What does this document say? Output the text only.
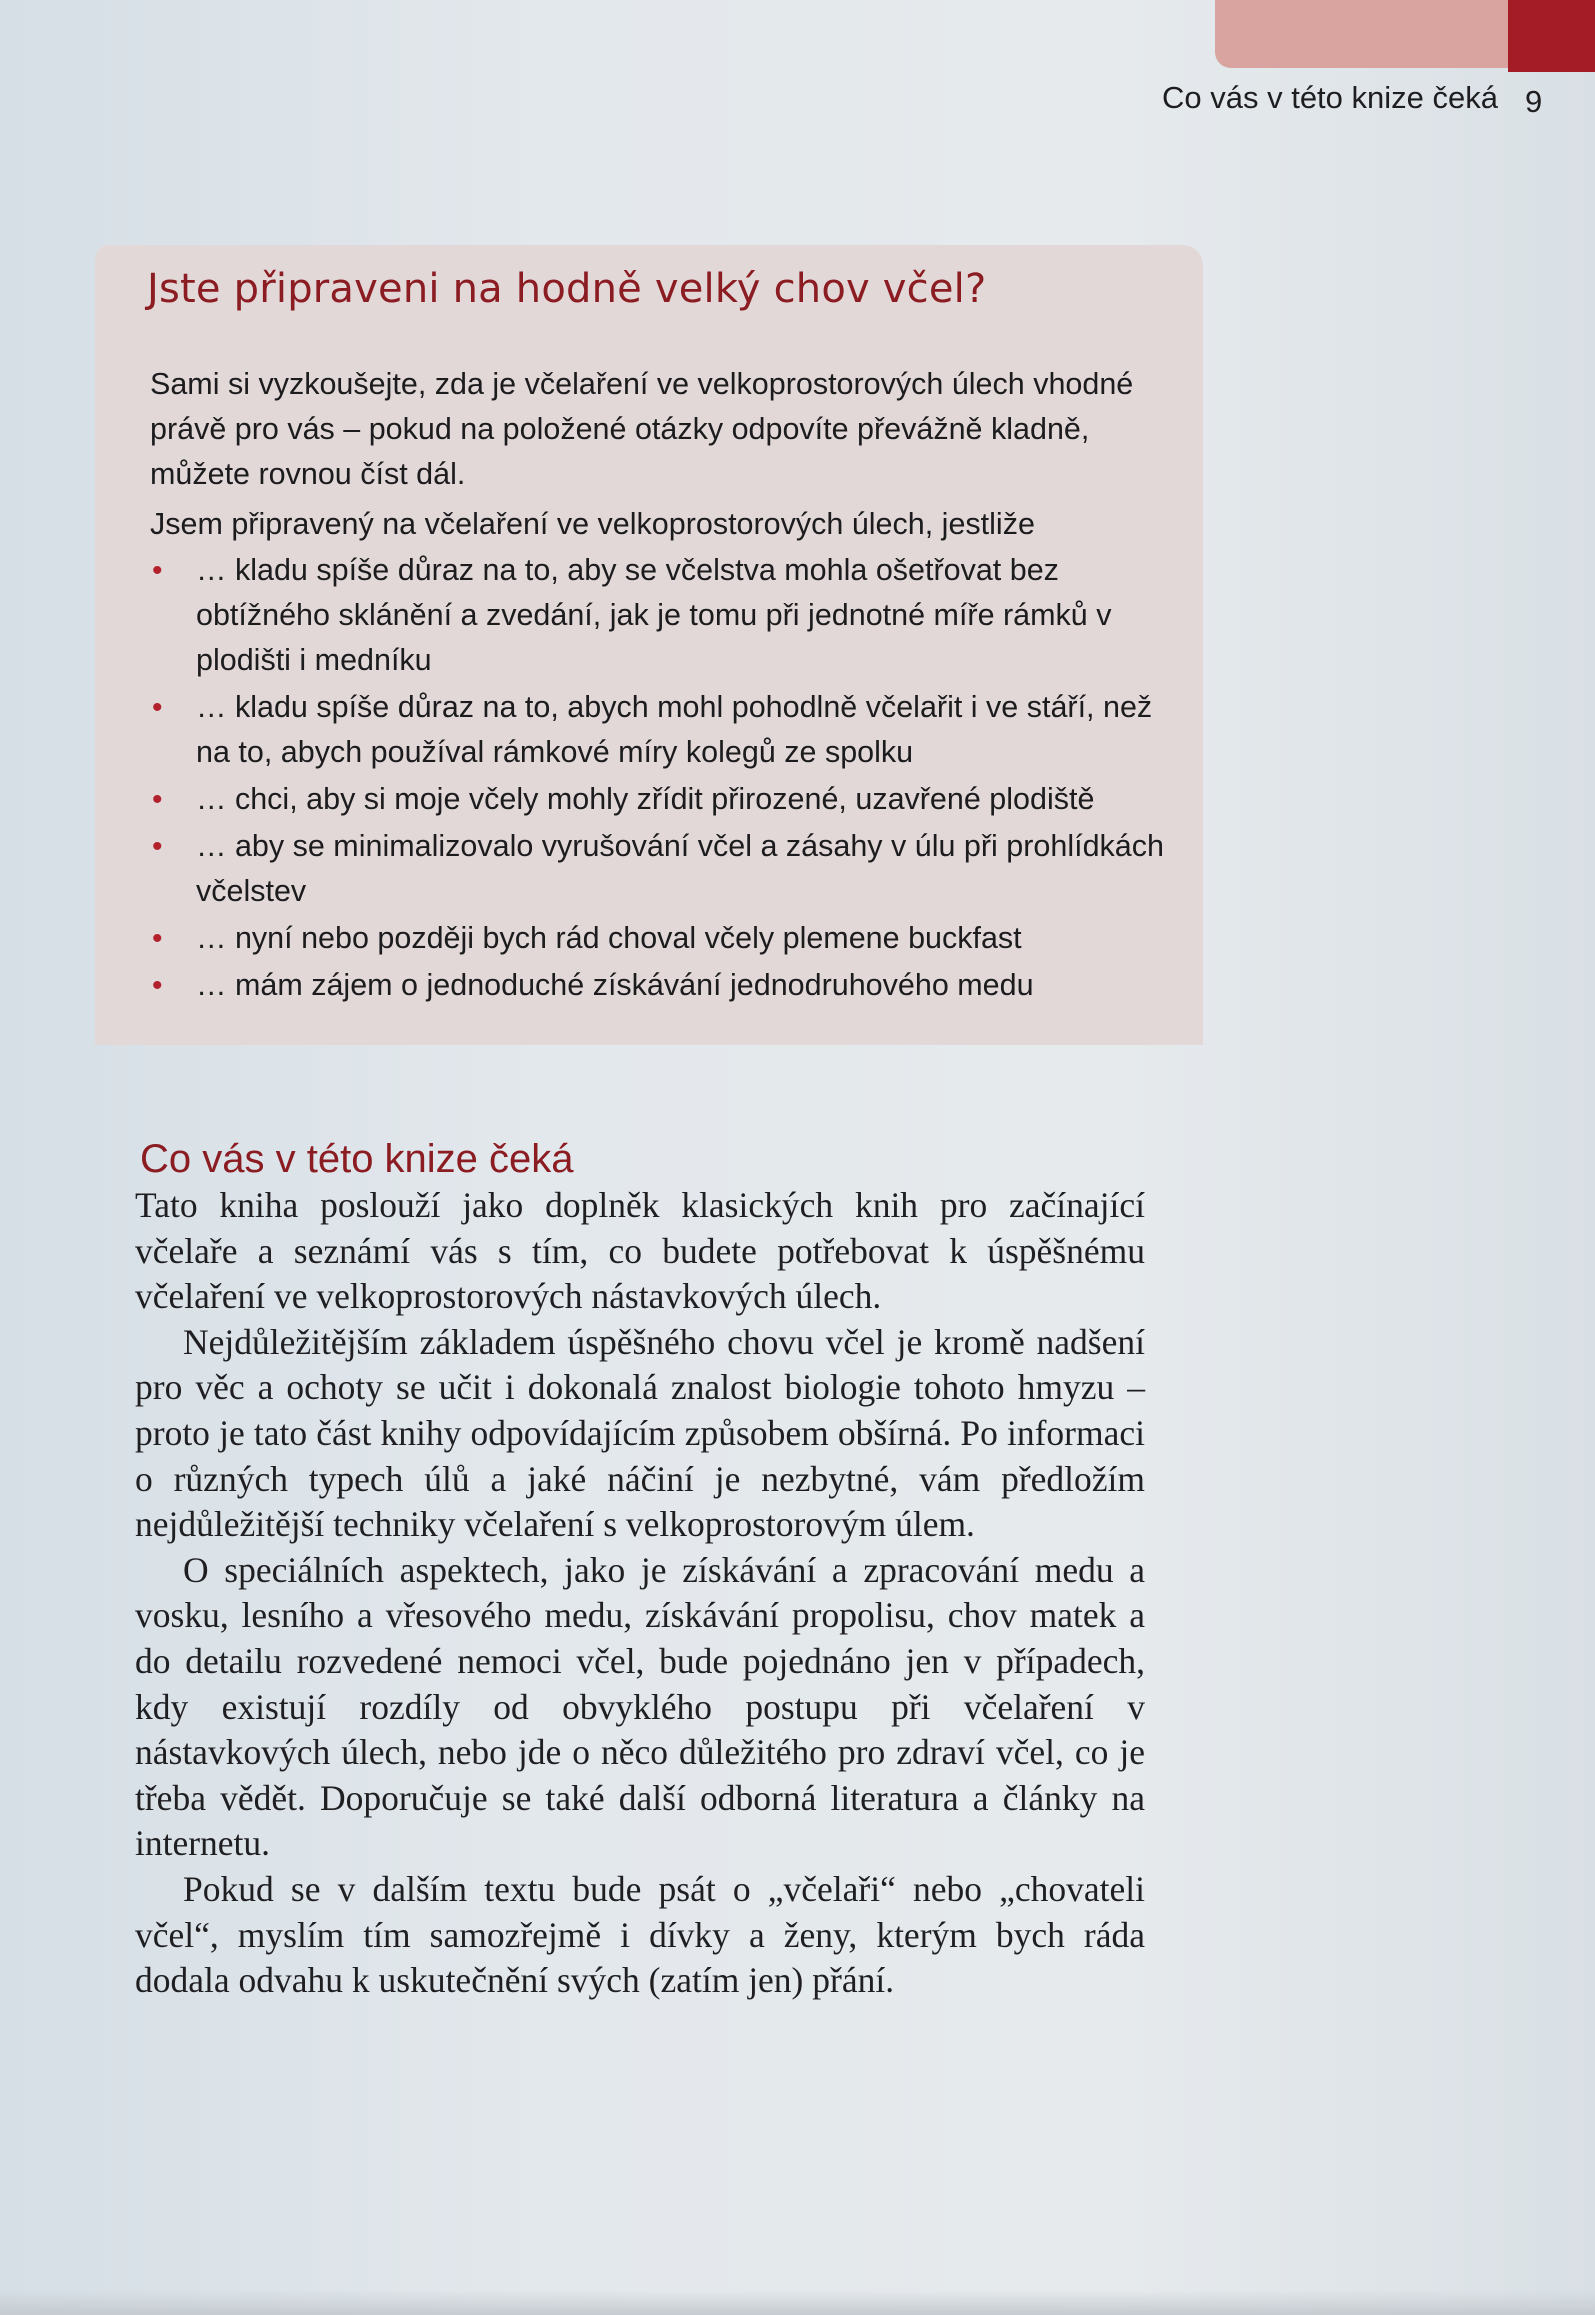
Co vás v této knize čeká 9
Jste připraveni na hodně velký chov včel?

Sami si vyzkoušejte, zda je včelaření ve velkoprostorových úlech vhodné právě pro vás – pokud na položené otázky odpovíte převážně kladně, můžete rovnou číst dál.

Jsem připravený na včelaření ve velkoprostorových úlech, jestliže

• … kladu spíše důraz na to, aby se včelstva mohla ošetřovat bez obtížného sklánění a zvedání, jak je tomu při jednotné míře rámků v plodišti i medníku
• … kladu spíše důraz na to, abych mohl pohodlně včelařit i ve stáří, než na to, abych používal rámkové míry kolegů ze spolku
• … chci, aby si moje včely mohly zřídit přirozené, uzavřené plodiště
• … aby se minimalizovalo vyrušování včel a zásahy v úlu při prohlídkách včelstev
• … nyní nebo později bych rád choval včely plemene buckfast
• … mám zájem o jednoduché získávání jednodruhového medu
Co vás v této knize čeká

Tato kniha poslouží jako doplněk klasických knih pro začínající včelaře a seznámí vás s tím, co budete potřebovat k úspěšnému včelaření ve velkoprostorových nástavkových úlech.

Nejdůležitějším základem úspěšného chovu včel je kromě nadšení pro věc a ochoty se učit i dokonalá znalost biologie tohoto hmyzu – proto je tato část knihy odpovídajícím způsobem obšírná. Po informaci o různých typech úlů a jaké náčiní je nezbytné, vám předložím nejdůležitější techniky včelaření s velkoprostorovým úlem.

O speciálních aspektech, jako je získávání a zpracování medu a vosku, lesního a vřesového medu, získávání propolisu, chov matek a do detailu rozvedené nemoci včel, bude pojednáno jen v případech, kdy existují rozdíly od obvyklého postupu při včelaření v nástavkových úlech, nebo jde o něco důležitého pro zdraví včel, co je třeba vědět. Doporučuje se také další odborná literatura a články na internetu.

Pokud se v dalším textu bude psát o „včelaři“ nebo „chovateli včel“, myslím tím samozřejmě i dívky a ženy, kterým bych ráda dodala odvahu k uskutečnění svých (zatím jen) přání.
